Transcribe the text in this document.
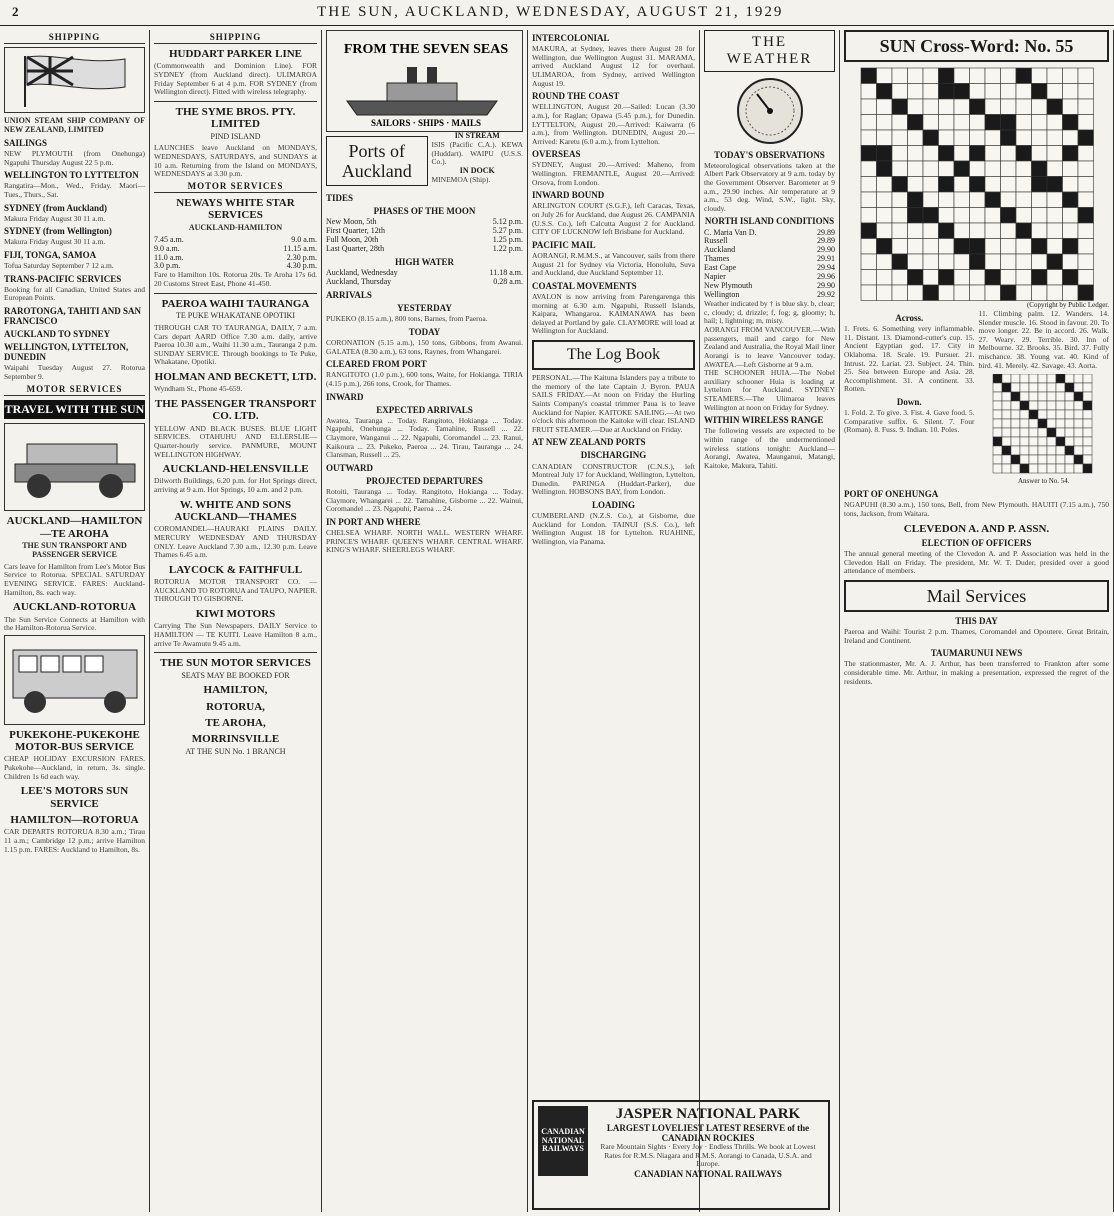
2	THE SUN, AUCKLAND, WEDNESDAY, AUGUST 21, 1929
SHIPPING
UNION STEAM SHIP COMPANY OF NEW ZEALAND, LIMITED
SAILINGS
NEW PLYMOUTH (from Onehunga) Ngapuhi Thursday August 22 5 p.m.
WELLINGTON TO LYTTELTON
Rangatira—Mon., Wed., Friday. Maori—Tues., Thurs., Sat.
SYDNEY (from Auckland)
Makura Friday August 30 11 a.m.
SYDNEY (from Wellington)
Makura Friday August 30 11 a.m.
FIJI, TONGA, SAMOA
Tofua Saturday September 7 12 a.m.
TRANS-PACIFIC SERVICES
Booking for all Canadian, United States and European Points.
RAROTONGA, TAHITI AND SAN FRANCISCO
AUCKLAND TO SYDNEY
WELLINGTON, LYTTELTON, DUNEDIN
Waipahi Tuesday August 27. Rotorua September 9.
MOTOR SERVICES
TRAVEL WITH THE SUN
AUCKLAND—HAMILTON—TE AROHA
THE SUN TRANSPORT AND PASSENGER SERVICE
Cars leave for Hamilton from Lee's Motor Bus Service to Rotorua. SPECIAL SATURDAY EVENING SERVICE. FARES: Auckland-Hamilton, 8s. each way.
AUCKLAND-ROTORUA
The Sun Service Connects at Hamilton with the Hamilton-Rotorua Service.
PUKEKOHE-PUKEKOHE MOTOR-BUS SERVICE
CHEAP HOLIDAY EXCURSION FARES. Pukekohe—Auckland, in return, 3s. single. Children 1s 6d each way.
LEE'S MOTORS SUN SERVICE
HAMILTON—ROTORUA
CAR DEPARTS ROTORUA 8.30 a.m.; Tirau 11 a.m.; Cambridge 12 p.m.; arrive Hamilton 1.15 p.m. FARES: Auckland to Hamilton, 8s.
SHIPPING
HUDDART PARKER LINE
(Commonwealth and Dominion Line). FOR SYDNEY (from Auckland direct). ULIMAROA Friday September 6 at 4 p.m. FOR SYDNEY (from Wellington direct). Fitted with wireless telegraphy.
THE SYME BROS. PTY. LIMITED
PIND ISLAND
LAUNCHES leave Auckland on MONDAYS, WEDNESDAYS, SATURDAYS, and SUNDAYS at 10 a.m. Returning from the Island on MONDAYS, WEDNESDAYS at 3.30 p.m.
MOTOR SERVICES
NEWAYS WHITE STAR SERVICES
AUCKLAND-HAMILTON
7.45 a.m.	9.0 a.m.
9.0 a.m.	11.15 a.m.
11.0 a.m.	2.30 p.m.
3.0 p.m.	4.30 p.m.
Fare to Hamilton 10s. Rotorua 20s. Te Aroha 17s 6d. 20 Customs Street East, Phone 41-450.
PAEROA WAIHI TAURANGA
TE PUKE WHAKATANE OPOTIKI
THROUGH CAR TO TAURANGA, DAILY, 7 a.m. Cars depart AARD Office 7.30 a.m. daily, arrive Paeroa 10.30 a.m., Waihi 11.30 a.m., Tauranga 2 p.m. SUNDAY SERVICE. Through bookings to Te Puke, Whakatane, Opotiki.
HOLMAN AND BECKETT, LTD.
Wyndham St., Phone 45-659.
THE PASSENGER TRANSPORT CO. LTD.
YELLOW AND BLACK BUSES. BLUE LIGHT SERVICES. OTAHUHU AND ELLERSLIE—Quarter-hourly service. PANMURE, MOUNT WELLINGTON HIGHWAY.
AUCKLAND-HELENSVILLE
Dilworth Buildings, 6.20 p.m. for Hot Springs direct, arriving at 9 a.m. Hot Springs, 10 a.m. and 2 p.m.
W. WHITE AND SONS AUCKLAND—THAMES
COROMANDEL—HAURAKI PLAINS DAILY. MERCURY WEDNESDAY AND THURSDAY ONLY. Leave Auckland 7.30 a.m., 12.30 p.m. Leave Thames 6.45 a.m.
LAYCOCK & FAITHFULL
ROTORUA MOTOR TRANSPORT CO. — AUCKLAND TO ROTORUA and TAUPO, NAPIER. THROUGH TO GISBORNE.
KIWI MOTORS
Carrying The Sun Newspapers. DAILY Service to HAMILTON — TE KUITI. Leave Hamilton 8 a.m., arrive Te Awamutu 9.45 a.m.
THE SUN MOTOR SERVICES
SEATS MAY BE BOOKED FOR
HAMILTON,
ROTORUA,
TE AROHA,
MORRINSVILLE
AT THE SUN No. 1 BRANCH
FROM THE SEVEN SEAS
SAILORS · SHIPS · MAILS
Ports of Auckland
IN STREAM
ISIS (Pacific C.A.). KEWA (Huddart). WAIPU (U.S.S. Co.).
IN DOCK
MINEMOA (Ship).
TIDES
PHASES OF THE MOON
New Moon, 5th	5.12 p.m.
First Quarter, 12th	5.27 p.m.
Full Moon, 20th	1.25 p.m.
Last Quarter, 28th	1.22 p.m.
HIGH WATER
Auckland, Wednesday	11.18 a.m.
Auckland, Thursday	0.28 a.m.
ARRIVALS
YESTERDAY
PUKEKO (8.15 a.m.), 800 tons, Barnes, from Paeroa.
TODAY
CORONATION (5.15 a.m.), 150 tons, Gibbons, from Awanui. GALATEA (8.30 a.m.), 63 tons, Raynes, from Whangarei.
CLEARED FROM PORT
RANGITOTO (1.0 p.m.), 600 tons, Waite, for Hokianga. TIRIA (4.15 p.m.), 266 tons, Crook, for Thames.
INWARD
EXPECTED ARRIVALS
Awatea, Tauranga ... Today. Rangitoto, Hokianga ... Today. Ngapuhi, Onehunga ... Today. Tamahine, Russell ... 22. Claymore, Wanganui ... 22. Ngapuhi, Coromandel ... 23. Ranui, Kaikoura ... 23. Pukeko, Paeroa ... 24. Tirau, Tauranga ... 24. Clansman, Russell ... 25.
OUTWARD
PROJECTED DEPARTURES
Rotoiti, Tauranga ... Today. Rangitoto, Hokianga ... Today. Claymore, Whangarei ... 22. Tamahine, Gisborne ... 22. Wainui, Coromandel ... 23. Ngapuhi, Paeroa ... 24.
IN PORT AND WHERE
CHELSEA WHARF. NORTH WALL. WESTERN WHARF. PRINCE'S WHARF. QUEEN'S WHARF. CENTRAL WHARF. KING'S WHARF. SHEERLEGS WHARF.
INTERCOLONIAL
MAKURA, at Sydney, leaves there August 28 for Wellington, due Wellington August 31. MARAMA, arrived Auckland August 12 for overhaul. ULIMAROA, from Sydney, arrived Wellington August 19.
ROUND THE COAST
WELLINGTON, August 20.—Sailed: Lucan (3.30 a.m.), for Raglan; Opawa (5.45 p.m.), for Dunedin. LYTTELTON, August 20.—Arrived: Kaiwarra (6 a.m.), from Wellington. DUNEDIN, August 20.—Arrived: Karetu (6.0 a.m.), from Lyttelton.
OVERSEAS
SYDNEY, August 20.—Arrived: Maheno, from Wellington. FREMANTLE, August 20.—Arrived: Orsova, from London.
INWARD BOUND
ARLINGTON COURT (S.G.F.), left Caracas, Texas, on July 26 for Auckland, due August 26. CAMPANIA (U.S.S. Co.), left Calcutta August 2 for Auckland. CITY OF LUCKNOW left Brisbane for Auckland.
PACIFIC MAIL
AORANGI, R.M.M.S., at Vancouver, sails from there August 21 for Sydney via Victoria, Honolulu, Suva and Auckland, due Auckland September 11.
COASTAL MOVEMENTS
AVALON is now arriving from Parengarenga this morning at 6.30 a.m. Ngapuhi, Russell Islands, Kaipara, Whangaroa. KAIMANAWA has been delayed at Portland by gale. CLAYMORE will load at Wellington for Auckland.
The Log Book
PERSONAL.—The Kaituna Islanders pay a tribute to the memory of the late Captain J. Byron. PAUA SAILS FRIDAY.—At noon on Friday the Hurling Saints Company's coastal trimmer Paua is to leave Auckland for Napier. KAITOKE SAILING.—At two o'clock this afternoon the Kaitoke will clear. ISLAND FRUIT STEAMER.—Due at Auckland on Friday.
AT NEW ZEALAND PORTS
DISCHARGING
CANADIAN CONSTRUCTOR (C.N.S.), left Montreal July 17 for Auckland, Wellington, Lyttelton, Dunedin. PARINGA (Huddart-Parker), due Wellington. HOBSONS BAY, from London.
LOADING
CUMBERLAND (N.Z.S. Co.), at Gisborne, due Auckland for London. TAINUI (S.S. Co.), left Wellington August 18 for Lyttelton. RUAHINE, Wellington, via Panama.
THE WEATHER
TODAY'S OBSERVATIONS
Meteorological observations taken at the Albert Park Observatory at 9 a.m. today by the Government Observer. Barometer at 9 a.m., 29.90 inches. Air temperature at 9 a.m., 53 deg. Wind, S.W., light. Sky, cloudy.
NORTH ISLAND CONDITIONS
C. Maria Van D.	29.89
Russell	29.89
Auckland	29.90
Thames	29.91
East Cape	29.94
Napier	29.96
New Plymouth	29.90
Wellington	29.92
Weather indicated by † is blue sky. b, clear; c, cloudy; d, drizzle; f, fog; g, gloomy; h, hail; l, lightning; m, misty.
AORANGI FROM VANCOUVER.—With passengers, mail and cargo for New Zealand and Australia, the Royal Mail liner Aorangi is to leave Vancouver today. AWATEA.—Left Gisborne at 9 a.m.
THE SCHOONER HUIA.—The Nobel auxiliary schooner Huia is loading at Lyttelton for Auckland. SYDNEY STEAMERS.—The Ulimaroa leaves Wellington at noon on Friday for Sydney.
WITHIN WIRELESS RANGE
The following vessels are expected to be within range of the undermentioned wireless stations tonight: Auckland—Aorangi, Awatea, Maunganui, Matangi, Kaitoke, Makura, Tahiti.
SUN Cross-Word: No. 55
(Copyright by Public Ledger.
Across.
1. Frets. 6. Something very inflammable. 11. Distant. 13. Diamond-cutter's cup. 15. Ancient Egyptian god. 17. City in Oklahoma. 18. Scale. 19. Pursuer. 21. Intrust. 22. Lariat. 23. Subject. 24. Thin. 25. Sea between Europe and Asia. 28. Accomplishment. 31. A continent. 33. Rotten.
Down.
1. Fold. 2. To give. 3. Fist. 4. Gave food. 5. Comparative suffix. 6. Silent. 7. Four (Roman). 8. Fuss. 9. Indian. 10. Poles.
11. Climbing palm. 12. Wanders. 14. Slender muscle. 16. Stood in favour. 20. To move longer. 22. Be in accord. 26. Walk. 27. Weary. 29. Terrible. 30. Inn of Melbourne. 32. Brooks. 35. Bird. 37. Fully mischance. 38. Young vat. 40. Kind of bird. 41. Merely. 42. Savage. 43. Aorta.
Answer to No. 54.
PORT OF ONEHUNGA
NGAPUHI (8.30 a.m.), 150 tons, Bell, from New Plymouth. HAUITI (7.15 a.m.), 750 tons, Jackson, from Waitara.
CLEVEDON A. AND P. ASSN.
ELECTION OF OFFICERS
The annual general meeting of the Clevedon A. and P. Association was held in the Clevedon Hall on Friday. The president, Mr. W. T. Duder, presided over a good attendance of members.
Mail Services
THIS DAY
Paeroa and Waihi: Tourist 2 p.m. Thames, Coromandel and Opoutere. Great Britain, Ireland and Continent.
TAUMARUNUI NEWS
The stationmaster, Mr. A. J. Arthur, has been transferred to Frankton after some considerable time. Mr. Arthur, in making a presentation, expressed the regret of the residents.
CANADIAN NATIONAL RAILWAYS
JASPER NATIONAL PARK
LARGEST LOVELIEST LATEST RESERVE of the CANADIAN ROCKIES
Rare Mountain Sights · Every Joy · Endless Thrills. We book at Lowest Rates for R.M.S. Niagara and R.M.S. Aorangi to Canada, U.S.A. and Europe.
CANADIAN NATIONAL RAILWAYS
